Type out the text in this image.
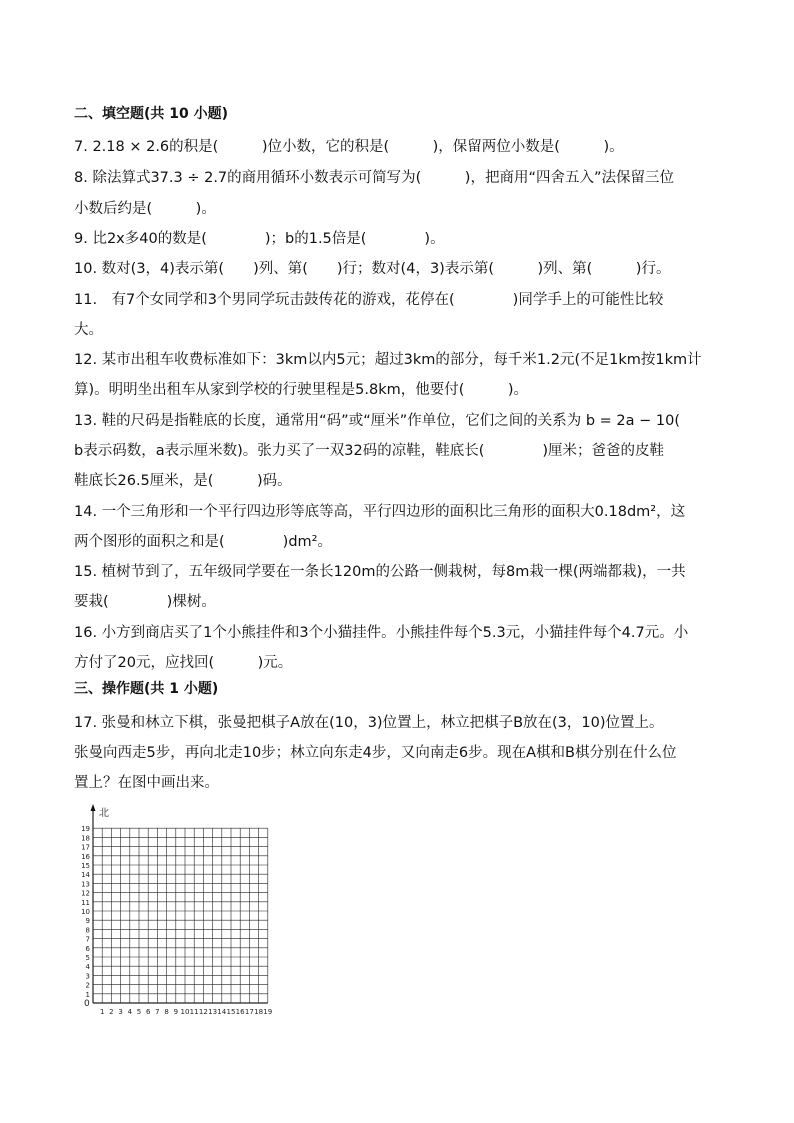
二、填空题(共 10 小题)
7. 2.18 × 2.6的积是(　　　)位小数，它的积是(　　　)，保留两位小数是(　　　)。
8. 除法算式37.3 ÷ 2.7的商用循环小数表示可简写为(　　　)，把商用“四舍五入”法保留三位
小数后约是(　　　)。
9. 比2x多40的数是(　　　　)；b的1.5倍是(　　　　)。
10. 数对(3，4)表示第(　　)列、第(　　)行；数对(4，3)表示第(　　　)列、第(　　　)行。
11.　有7个女同学和3个男同学玩击鼓传花的游戏，花停在(　　　　)同学手上的可能性比较
大。
12. 某市出租车收费标准如下：3km以内5元；超过3km的部分，每千米1.2元(不足1km按1km计
算)。明明坐出租车从家到学校的行驶里程是5.8km，他要付(　　　)。
13. 鞋的尺码是指鞋底的长度，通常用“码”或“厘米”作单位，它们之间的关系为 b = 2a − 10(
b表示码数，a表示厘米数)。张力买了一双32码的凉鞋，鞋底长(　　　　)厘米；爸爸的皮鞋
鞋底长26.5厘米，是(　　　)码。
14. 一个三角形和一个平行四边形等底等高，平行四边形的面积比三角形的面积大0.18dm²，这
两个图形的面积之和是(　　　　)dm²。
15. 植树节到了，五年级同学要在一条长120m的公路一侧栽树，每8m栽一棵(两端都栽)，一共
要栽(　　　　)棵树。
16. 小方到商店买了1个小熊挂件和3个小猫挂件。小熊挂件每个5.3元，小猫挂件每个4.7元。小
方付了20元，应找回(　　　)元。
三、操作题(共 1 小题)
17. 张曼和林立下棋，张曼把棋子A放在(10，3)位置上，林立把棋子B放在(3，10)位置上。
张曼向西走5步，再向北走10步；林立向东走4步，又向南走6步。现在A棋和B棋分别在什么位
置上？在图中画出来。
1
2
3
4
5
6
7
8
9
10
11
12
13
14
15
16
17
18
19
1 2 3 4 5 6 7 8 9 10 11 12 13 14 15 16 17 18 19
北
0
